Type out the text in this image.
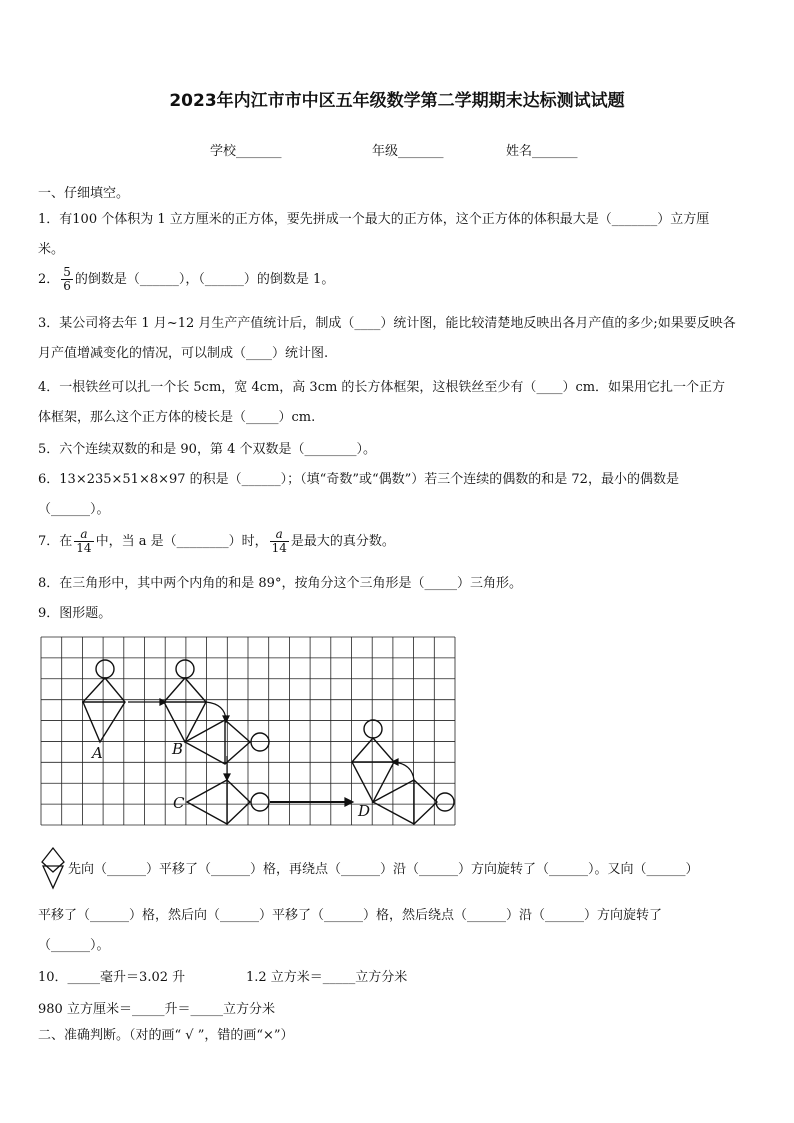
2023年内江市市中区五年级数学第二学期期末达标测试试题
学校_______	年级_______	姓名_______
一、仔细填空。
1．有100 个体积为 1 立方厘米的正方体，要先拼成一个最大的正方体，这个正方体的体积最大是（_______）立方厘
米。
2． $\frac{5}{6}$ 的倒数是（______），（______）的倒数是 1。
3．某公司将去年 1 月~12 月生产产值统计后，制成（____）统计图，能比较清楚地反映出各月产值的多少;如果要反映各
月产值增减变化的情况，可以制成（____）统计图.
4．一根铁丝可以扎一个长 5cm，宽 4cm，高 3cm 的长方体框架，这根铁丝至少有（____）cm．如果用它扎一个正方
体框架，那么这个正方体的棱长是（_____）cm.
5．六个连续双数的和是 90，第 4 个双数是（________）。
6．13×235×51×8×97 的积是（______）；（填“奇数”或“偶数”）若三个连续的偶数的和是 72，最小的偶数是
（______）。
7．在 $\frac{a}{14}$ 中，当 a 是（________）时， $\frac{a}{14}$ 是最大的真分数。
8．在三角形中，其中两个内角的和是 89°，按角分这个三角形是（_____）三角形。
9．图形题。
A	B
C	D
先向（______）平移了（______）格，再绕点（______）沿（______）方向旋转了（______）。又向（______）
平移了（______）格，然后向（______）平移了（______）格，然后绕点（______）沿（______）方向旋转了
（______）。
10．_____毫升＝3.02 升	1.2 立方米＝_____立方分米
980 立方厘米＝_____升＝_____立方分米
二、准确判断。（对的画“ √ ”，错的画“×”）
